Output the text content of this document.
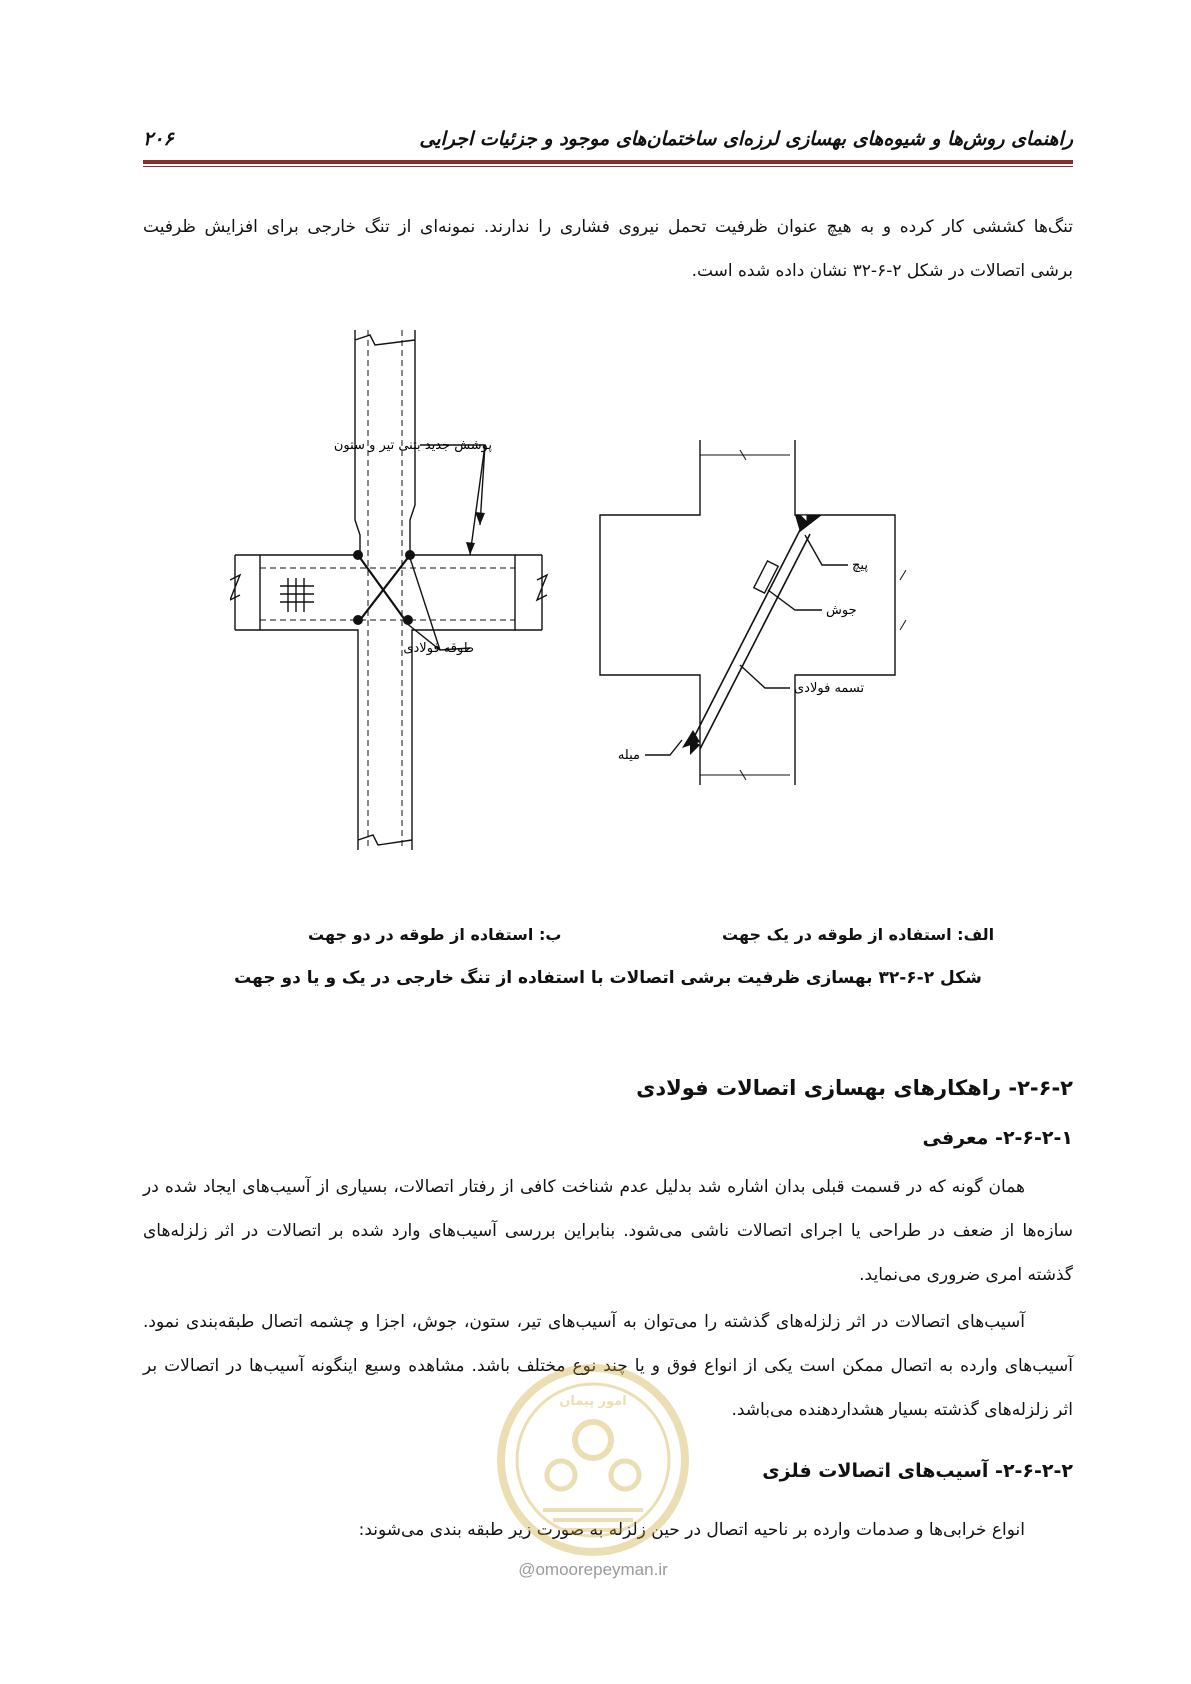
راهنمای روش‌ها و شیوه‌های بهسازی لرزه‌ای ساختمان‌های موجود و جزئیات اجرایی
۲۰۶
تنگ‌ها کششی کار کرده و به هیچ عنوان ظرفیت تحمل نیروی فشاری را ندارند. نمونه‌ای از تنگ خارجی برای افزایش ظرفیت
برشی اتصالات در شکل ۲-۶-۳۲ نشان داده شده است.
پوشش جدید بتنی تیر و ستون
طوقه فولادی
پیچ
جوش
تسمه فولادی
میله
ب: استفاده از طوقه در دو جهت	الف: استفاده از طوقه در یک جهت
شکل ۲-۶-۳۲ بهسازی ظرفیت برشی اتصالات با استفاده از تنگ خارجی در یک و یا دو جهت
۲-۶-۲- راهکارهای بهسازی اتصالات فولادی
۲-۶-۲-۱- معرفی
همان گونه که در قسمت قبلی بدان اشاره شد بدلیل عدم شناخت کافی از رفتار اتصالات، بسیاری از آسیب‌های ایجاد شده در
سازه‌ها از ضعف در طراحی یا اجرای اتصالات ناشی می‌شود. بنابراین بررسی آسیب‌های وارد شده بر اتصالات در اثر زلزله‌های
گذشته امری ضروری می‌نماید.
آسیب‌های اتصالات در اثر زلزله‌های گذشته را می‌توان به آسیب‌های تیر، ستون، جوش، اجزا و چشمه اتصال طبقه‌بندی نمود.
آسیب‌های وارده به اتصال ممکن است یکی از انواع فوق و یا چند نوع مختلف باشد. مشاهده وسیع اینگونه آسیب‌ها در اتصالات بر
اثر زلزله‌های گذشته بسیار هشداردهنده می‌باشد.
۲-۶-۲-۲- آسیب‌های اتصالات فلزی
انواع خرابی‌ها و صدمات وارده بر ناحیه اتصال در حین زلزله به صورت زیر طبقه بندی می‌شوند:
امور پیمان
@omoorepeyman.ir
